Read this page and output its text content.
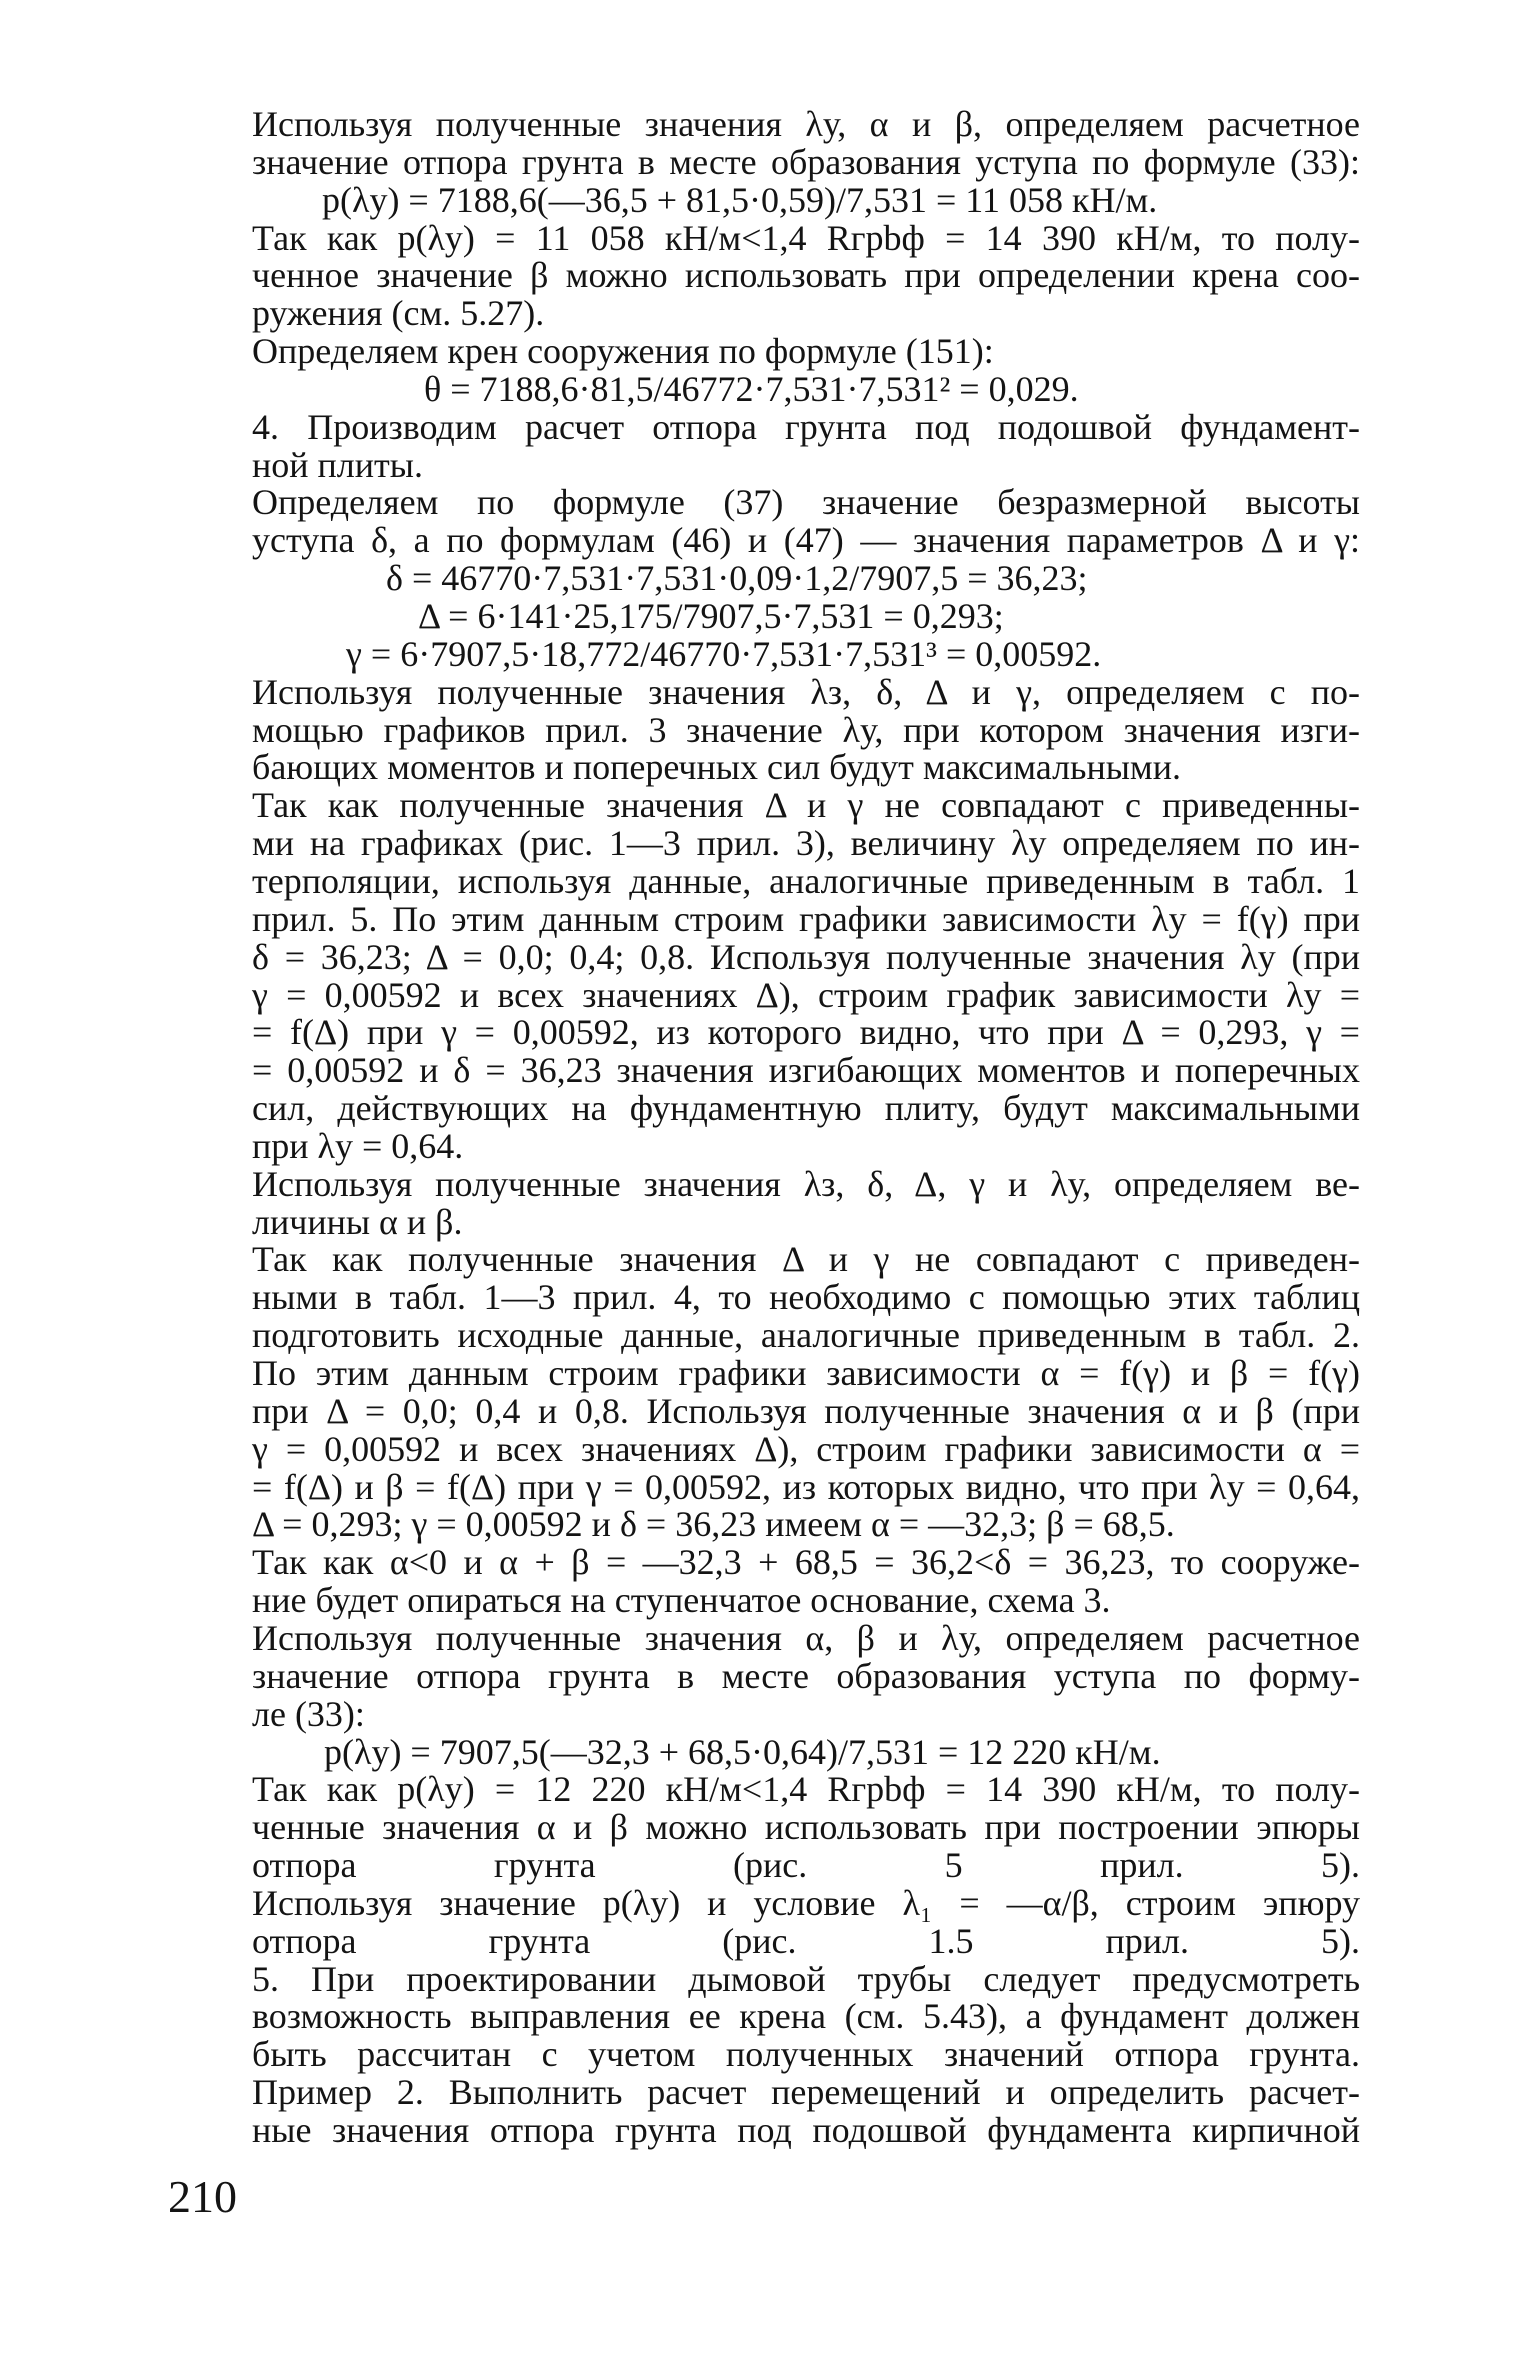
Используя полученные значения λу, α и β, определяем расчетное
значение отпора грунта в месте образования уступа по формуле (33):
p(λу) = 7188,6(—36,5 + 81,5·0,59)/7,531 = 11 058 кН/м.
Так как p(λу) = 11 058 кН/м<1,4 Rгрbф = 14 390 кН/м, то полу-
ченное значение β можно использовать при определении крена соо-
ружения (см. 5.27).
Определяем крен сооружения по формуле (151):
θ = 7188,6·81,5/46772·7,531·7,531² = 0,029.
4. Производим расчет отпора грунта под подошвой фундамент-
ной плиты.
Определяем по формуле (37) значение безразмерной высоты
уступа δ, а по формулам (46) и (47) — значения параметров Δ и γ:
δ = 46770·7,531·7,531·0,09·1,2/7907,5 = 36,23;
Δ = 6·141·25,175/7907,5·7,531 = 0,293;
γ = 6·7907,5·18,772/46770·7,531·7,531³ = 0,00592.
Используя полученные значения λз, δ, Δ и γ, определяем с по-
мощью графиков прил. 3 значение λу, при котором значения изги-
бающих моментов и поперечных сил будут максимальными.
Так как полученные значения Δ и γ не совпадают с приведенны-
ми на графиках (рис. 1—3 прил. 3), величину λу определяем по ин-
терполяции, используя данные, аналогичные приведенным в табл. 1
прил. 5. По этим данным строим графики зависимости λу = f(γ) при
δ = 36,23; Δ = 0,0; 0,4; 0,8. Используя полученные значения λу (при
γ = 0,00592 и всех значениях Δ), строим график зависимости λу =
= f(Δ) при γ = 0,00592, из которого видно, что при Δ = 0,293, γ =
= 0,00592 и δ = 36,23 значения изгибающих моментов и поперечных
сил, действующих на фундаментную плиту, будут максимальными
при λу = 0,64.
Используя полученные значения λз, δ, Δ, γ и λу, определяем ве-
личины α и β.
Так как полученные значения Δ и γ не совпадают с приведен-
ными в табл. 1—3 прил. 4, то необходимо с помощью этих таблиц
подготовить исходные данные, аналогичные приведенным в табл. 2.
По этим данным строим графики зависимости α = f(γ) и β = f(γ)
при Δ = 0,0; 0,4 и 0,8. Используя полученные значения α и β (при
γ = 0,00592 и всех значениях Δ), строим графики зависимости α =
= f(Δ) и β = f(Δ) при γ = 0,00592, из которых видно, что при λу = 0,64,
Δ = 0,293; γ = 0,00592 и δ = 36,23 имеем α = —32,3; β = 68,5.
Так как α<0 и α + β = —32,3 + 68,5 = 36,2<δ = 36,23, то сооруже-
ние будет опираться на ступенчатое основание, схема 3.
Используя полученные значения α, β и λу, определяем расчетное
значение отпора грунта в месте образования уступа по форму-
ле (33):
p(λу) = 7907,5(—32,3 + 68,5·0,64)/7,531 = 12 220 кН/м.
Так как p(λу) = 12 220 кН/м<1,4 Rгрbф = 14 390 кН/м, то полу-
ченные значения α и β можно использовать при построении эпюры
отпора грунта (рис. 5 прил. 5).
Используя значение p(λу) и условие λ₁ = —α/β, строим эпюру
отпора грунта (рис. 1.5 прил. 5).
5. При проектировании дымовой трубы следует предусмотреть
возможность выправления ее крена (см. 5.43), а фундамент должен
быть рассчитан с учетом полученных значений отпора грунта.
Пример 2. Выполнить расчет перемещений и определить расчет-
ные значения отпора грунта под подошвой фундамента кирпичной
210
